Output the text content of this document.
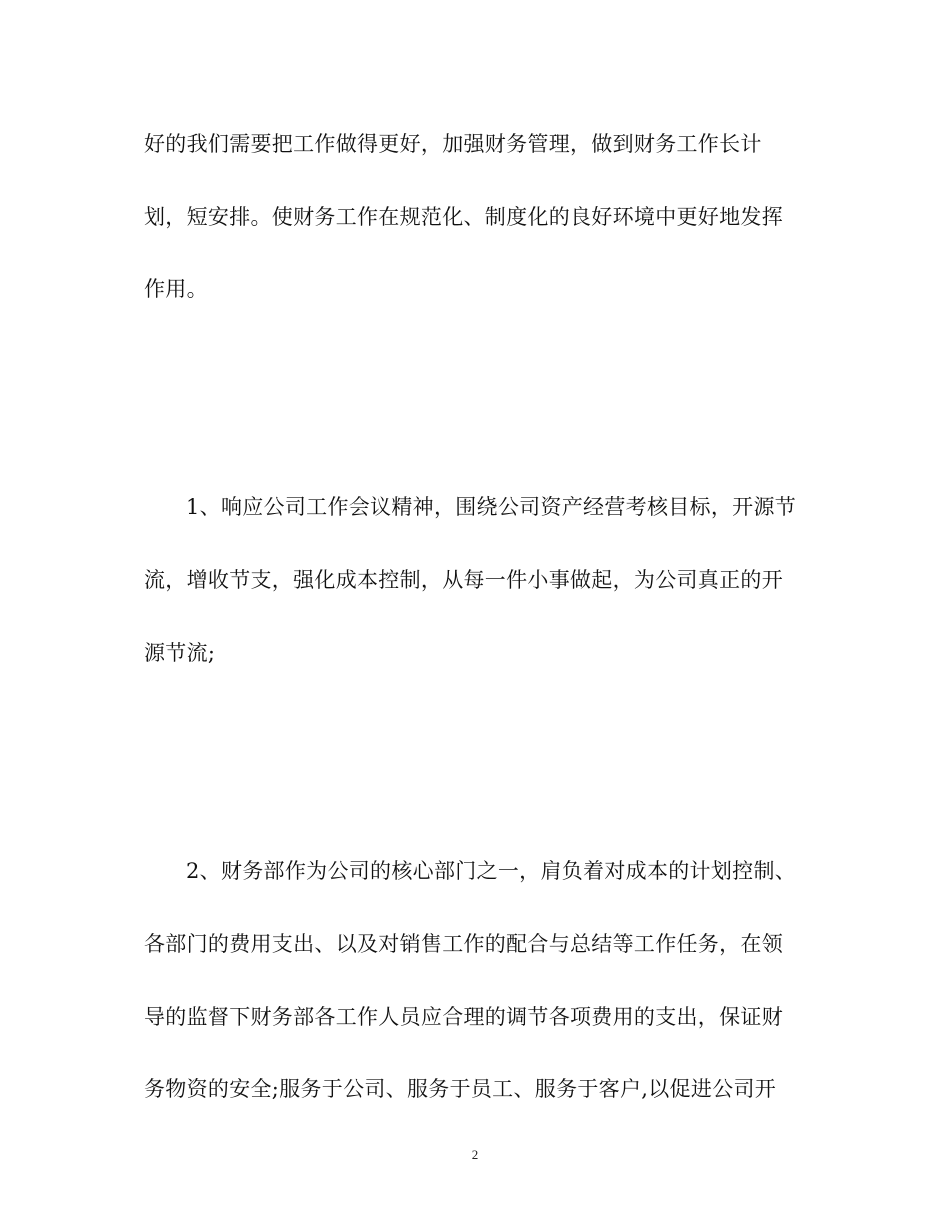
好的我们需要把工作做得更好，加强财务管理，做到财务工作长计

划，短安排。使财务工作在规范化、制度化的良好环境中更好地发挥

作用。

1、响应公司工作会议精神，围绕公司资产经营考核目标，开源节

流，增收节支，强化成本控制，从每一件小事做起，为公司真正的开

源节流;

2、财务部作为公司的核心部门之一，肩负着对成本的计划控制、

各部门的费用支出、以及对销售工作的配合与总结等工作任务，在领

导的监督下财务部各工作人员应合理的调节各项费用的支出，保证财

务物资的安全;服务于公司、服务于员工、服务于客户,以促进公司开

2
